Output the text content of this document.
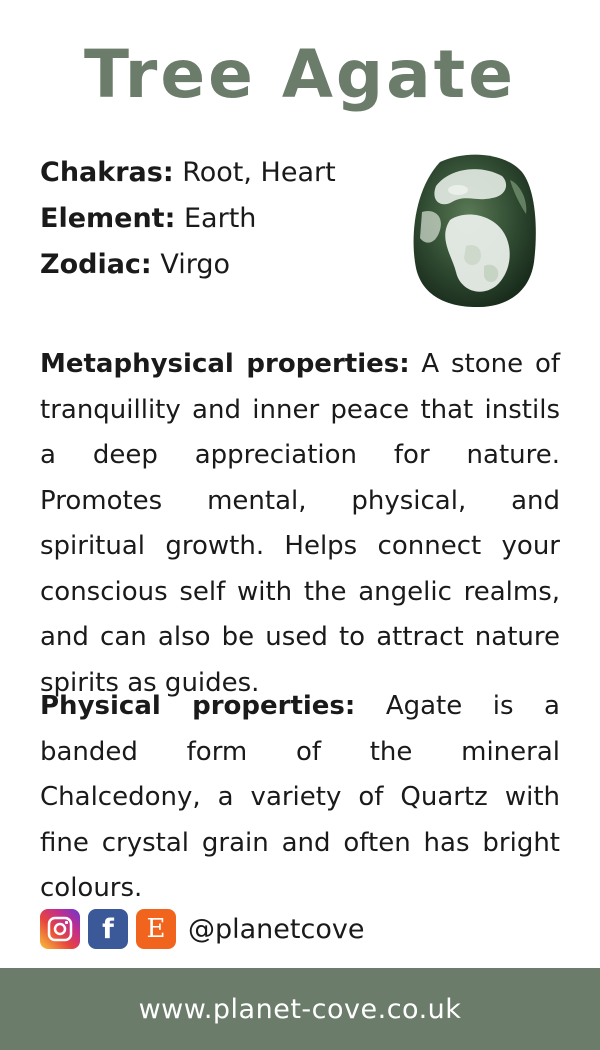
Tree Agate
Chakras: Root, Heart
Element: Earth
Zodiac: Virgo

Metaphysical properties: A stone of tranquillity and inner peace that instils a deep appreciation for nature. Promotes mental, physical, and spiritual growth. Helps connect your conscious self with the angelic realms, and can also be used to attract nature spirits as guides.

Physical properties: Agate is a banded form of the mineral Chalcedony, a variety of Quartz with fine crystal grain and often has bright colours.

f E @planetcove
www.planet-cove.co.uk
